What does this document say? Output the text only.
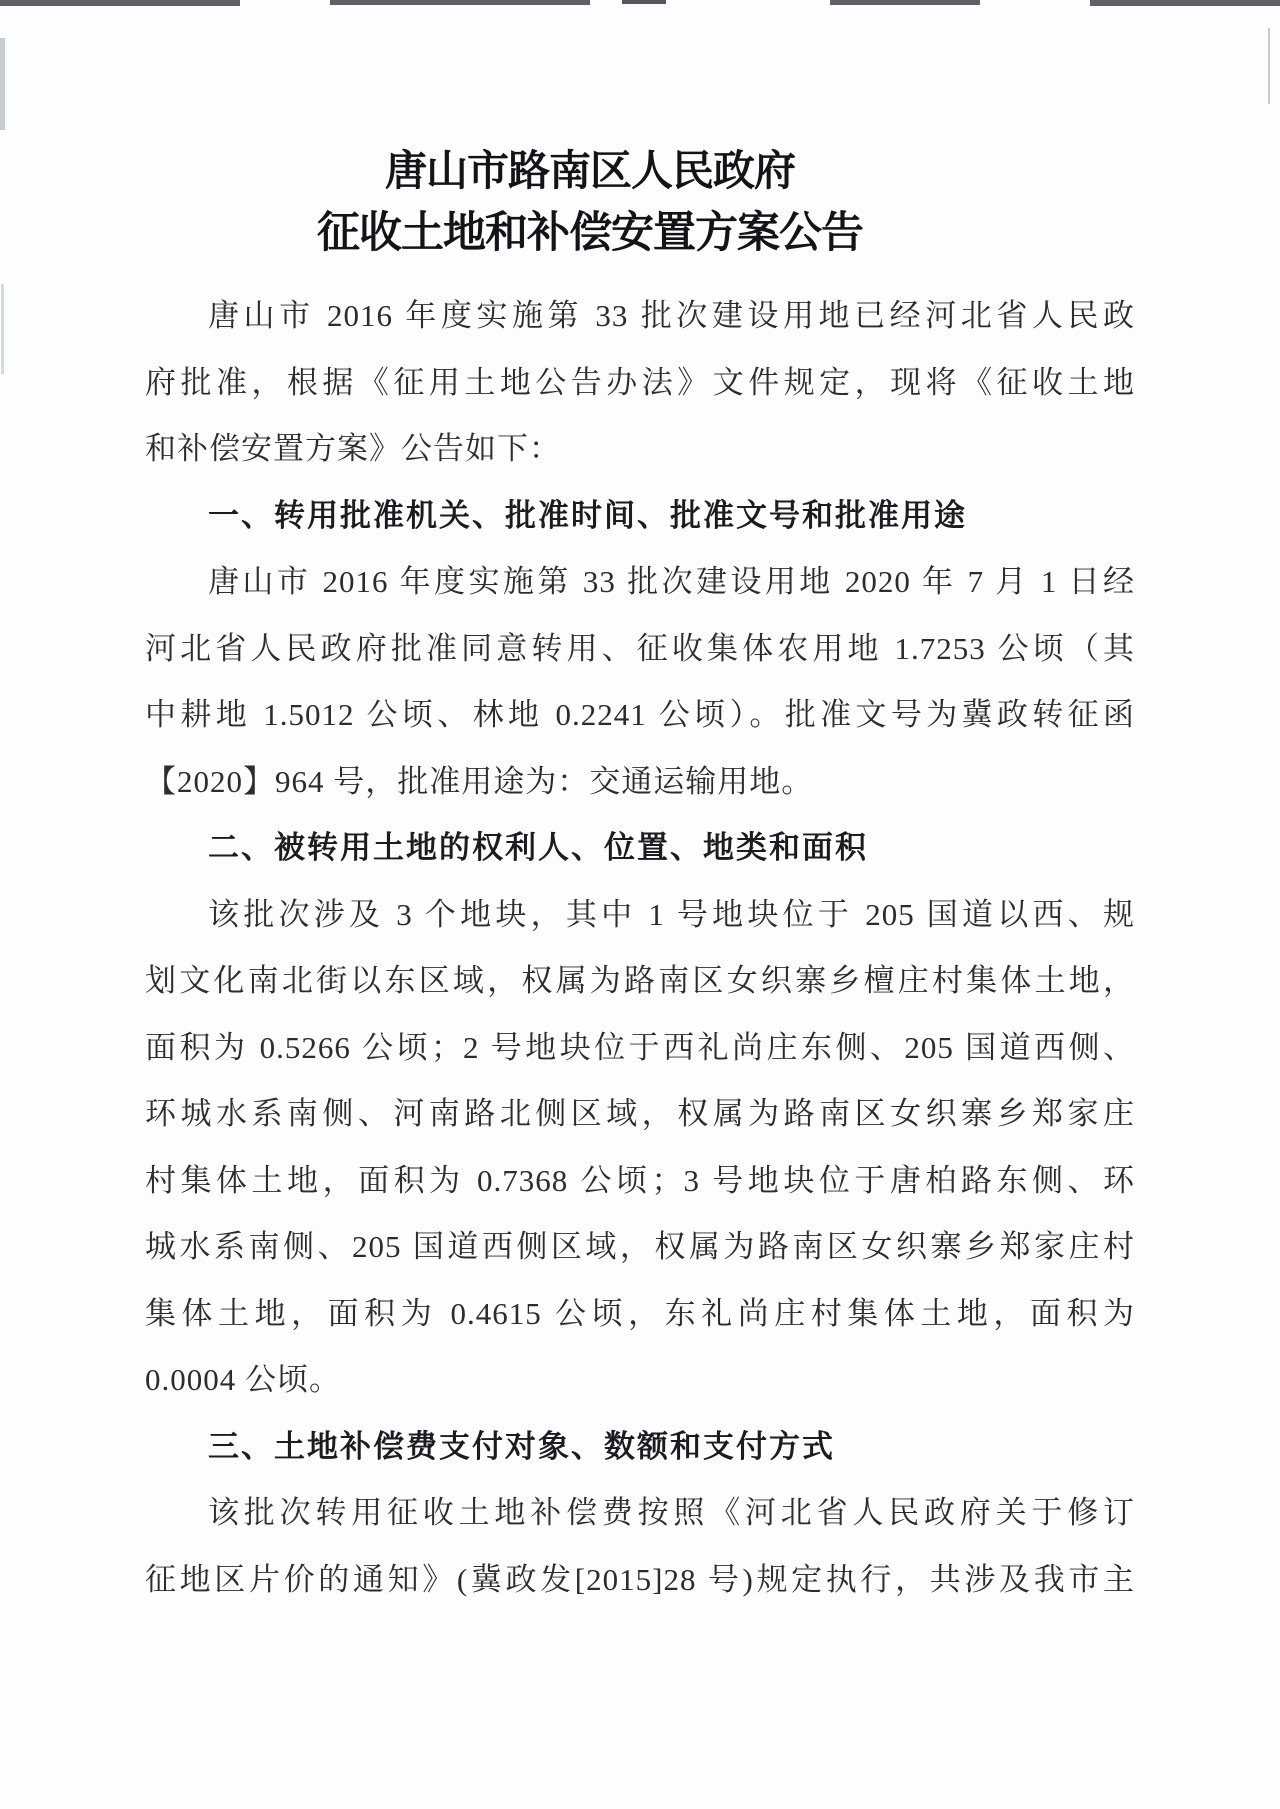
唐山市路南区人民政府
征收土地和补偿安置方案公告
唐山市 2016 年度实施第 33 批次建设用地已经河北省人民政
府批准，根据《征用土地公告办法》文件规定，现将《征收土地
和补偿安置方案》公告如下：
一、转用批准机关、批准时间、批准文号和批准用途
唐山市 2016 年度实施第 33 批次建设用地 2020 年 7 月 1 日经
河北省人民政府批准同意转用、征收集体农用地 1.7253 公顷（其
中耕地 1.5012 公顷、林地 0.2241 公顷）。批准文号为冀政转征函
【2020】964 号，批准用途为：交通运输用地。
二、被转用土地的权利人、位置、地类和面积
该批次涉及 3 个地块，其中 1 号地块位于 205 国道以西、规
划文化南北街以东区域，权属为路南区女织寨乡檀庄村集体土地，
面积为 0.5266 公顷；2 号地块位于西礼尚庄东侧、205 国道西侧、
环城水系南侧、河南路北侧区域，权属为路南区女织寨乡郑家庄
村集体土地，面积为 0.7368 公顷；3 号地块位于唐柏路东侧、环
城水系南侧、205 国道西侧区域，权属为路南区女织寨乡郑家庄村
集体土地，面积为 0.4615 公顷，东礼尚庄村集体土地，面积为
0.0004 公顷。
三、土地补偿费支付对象、数额和支付方式
该批次转用征收土地补偿费按照《河北省人民政府关于修订
征地区片价的通知》(冀政发[2015]28 号)规定执行，共涉及我市主
